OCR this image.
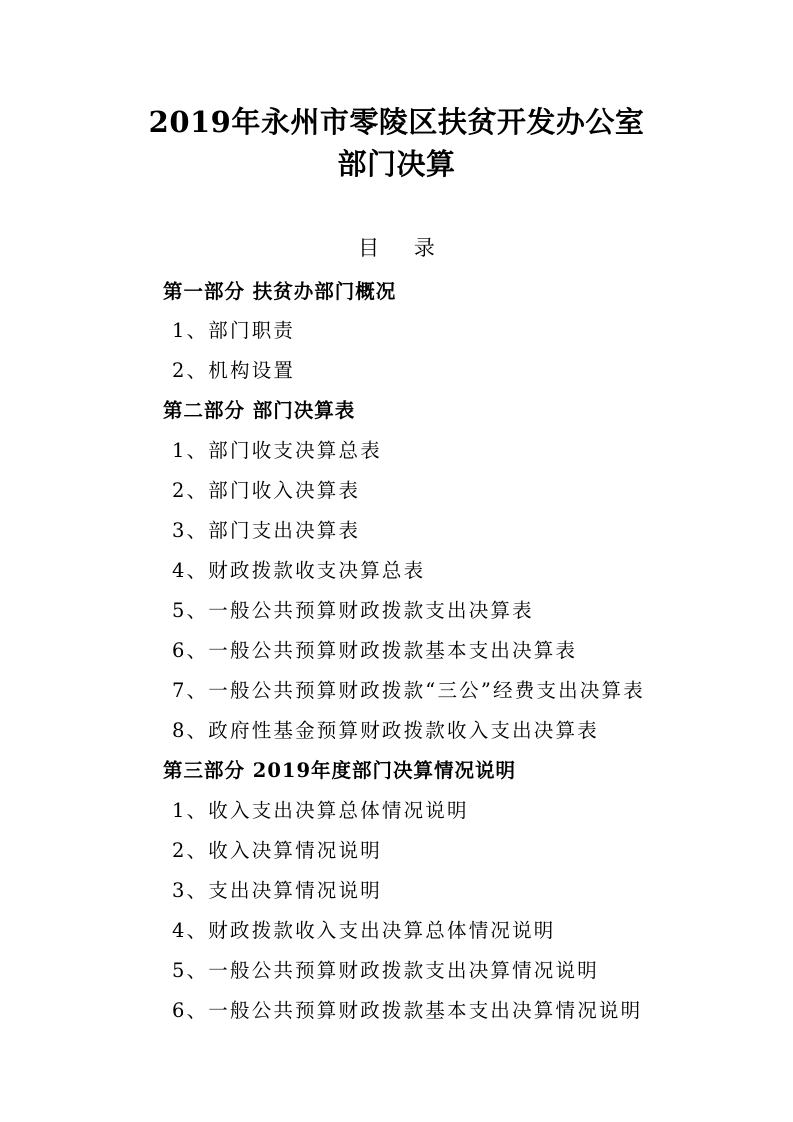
2019年永州市零陵区扶贫开发办公室
部门决算
目 录
第一部分 扶贫办部门概况
1、部门职责
2、机构设置
第二部分 部门决算表
1、部门收支决算总表
2、部门收入决算表
3、部门支出决算表
4、财政拨款收支决算总表
5、一般公共预算财政拨款支出决算表
6、一般公共预算财政拨款基本支出决算表
7、一般公共预算财政拨款“三公”经费支出决算表
8、政府性基金预算财政拨款收入支出决算表
第三部分 2019年度部门决算情况说明
1、收入支出决算总体情况说明
2、收入决算情况说明
3、支出决算情况说明
4、财政拨款收入支出决算总体情况说明
5、一般公共预算财政拨款支出决算情况说明
6、一般公共预算财政拨款基本支出决算情况说明
